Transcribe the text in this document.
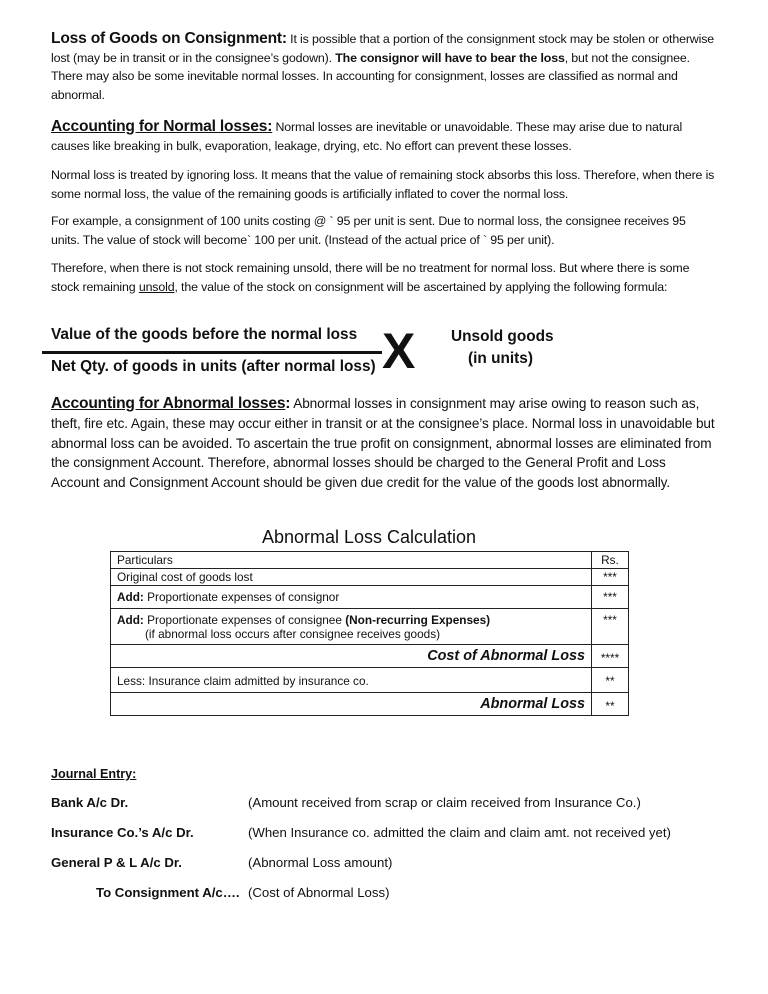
Loss of Goods on Consignment: It is possible that a portion of the consignment stock may be stolen or otherwise lost (may be in transit or in the consignee’s godown). The consignor will have to bear the loss, but not the consignee. There may also be some inevitable normal losses. In accounting for consignment, losses are classified as normal and abnormal.

Accounting for Normal losses: Normal losses are inevitable or unavoidable. These may arise due to natural causes like breaking in bulk, evaporation, leakage, drying, etc. No effort can prevent these losses.

Normal loss is treated by ignoring loss. It means that the value of remaining stock absorbs this loss. Therefore, when there is some normal loss, the value of the remaining goods is artificially inflated to cover the normal loss.

For example, a consignment of 100 units costing @ ` 95 per unit is sent. Due to normal loss, the consignee receives 95 units. The value of stock will become` 100 per unit. (Instead of the actual price of ` 95 per unit).

Therefore, when there is not stock remaining unsold, there will be no treatment for normal loss. But where there is some stock remaining unsold, the value of the stock on consignment will be ascertained by applying the following formula:

Value of the goods before the normal loss
Net Qty. of goods in units (after normal loss) X Unsold goods
(in units)

Accounting for Abnormal losses: Abnormal losses in consignment may arise owing to reason such as, theft, fire etc. Again, these may occur either in transit or at the consignee’s place. Normal loss in unavoidable but abnormal loss can be avoided. To ascertain the true profit on consignment, abnormal losses are eliminated from the consignment Account. Therefore, abnormal losses should be charged to the General Profit and Loss Account and Consignment Account should be given due credit for the value of the goods lost abnormally.

Abnormal Loss Calculation
Particulars	Rs.
Original cost of goods lost	***
Add: Proportionate expenses of consignor	***
Add: Proportionate expenses of consignee (Non-recurring Expenses)
(if abnormal loss occurs after consignee receives goods)	***
Cost of Abnormal Loss	****
Less: Insurance claim admitted by insurance co.	**
Abnormal Loss	**
Journal Entry:
Bank A/c Dr.	(Amount received from scrap or claim received from Insurance Co.)
Insurance Co.’s A/c Dr.	(When Insurance co. admitted the claim and claim amt. not received yet)
General P & L A/c Dr.	(Abnormal Loss amount)
To Consignment A/c…. (Cost of Abnormal Loss)
